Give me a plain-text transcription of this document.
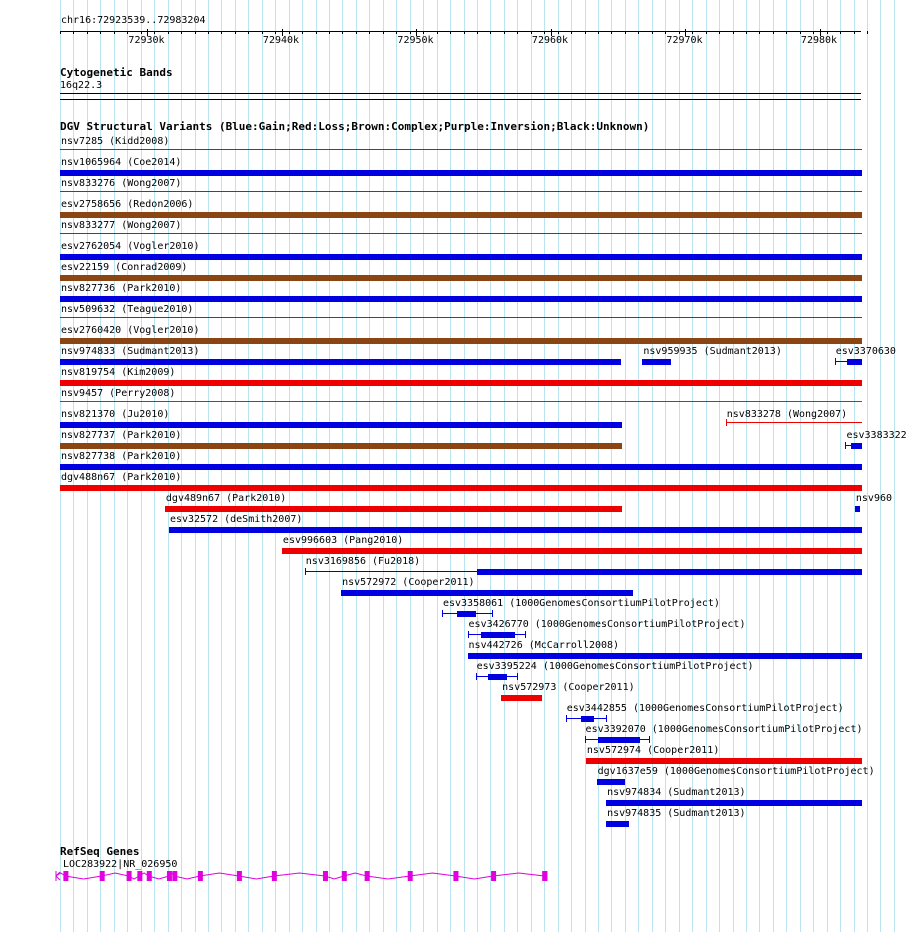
chr16:72923539..72983204
72930k	72940k	72950k	72960k	72970k	72980k
Cytogenetic Bands
16q22.3
DGV Structural Variants (Blue:Gain;Red:Loss;Brown:Complex;Purple:Inversion;Black:Unknown)
nsv7285 (Kidd2008)
nsv1065964 (Coe2014)
nsv833276 (Wong2007)
esv2758656 (Redon2006)
nsv833277 (Wong2007)
esv2762054 (Vogler2010)
esv22159 (Conrad2009)
nsv827736 (Park2010)
nsv509632 (Teague2010)
esv2760420 (Vogler2010)
nsv974833 (Sudmant2013)	nsv959935 (Sudmant2013)	esv3370630
nsv819754 (Kim2009)
nsv9457 (Perry2008)
nsv821370 (Ju2010)	nsv833278 (Wong2007)
nsv827737 (Park2010)	esv3383322
nsv827738 (Park2010)
dgv488n67 (Park2010)
dgv489n67 (Park2010)	nsv960
esv32572 (deSmith2007)
esv996603 (Pang2010)
nsv3169856 (Fu2018)
nsv572972 (Cooper2011)
esv3358061 (1000GenomesConsortiumPilotProject)
esv3426770 (1000GenomesConsortiumPilotProject)
nsv442726 (McCarroll2008)
esv3395224 (1000GenomesConsortiumPilotProject)
nsv572973 (Cooper2011)
esv3442855 (1000GenomesConsortiumPilotProject)
esv3392070 (1000GenomesConsortiumPilotProject)
nsv572974 (Cooper2011)
dgv1637e59 (1000GenomesConsortiumPilotProject)
nsv974834 (Sudmant2013)
nsv974835 (Sudmant2013)
RefSeq Genes
LOC283922|NR_026950
